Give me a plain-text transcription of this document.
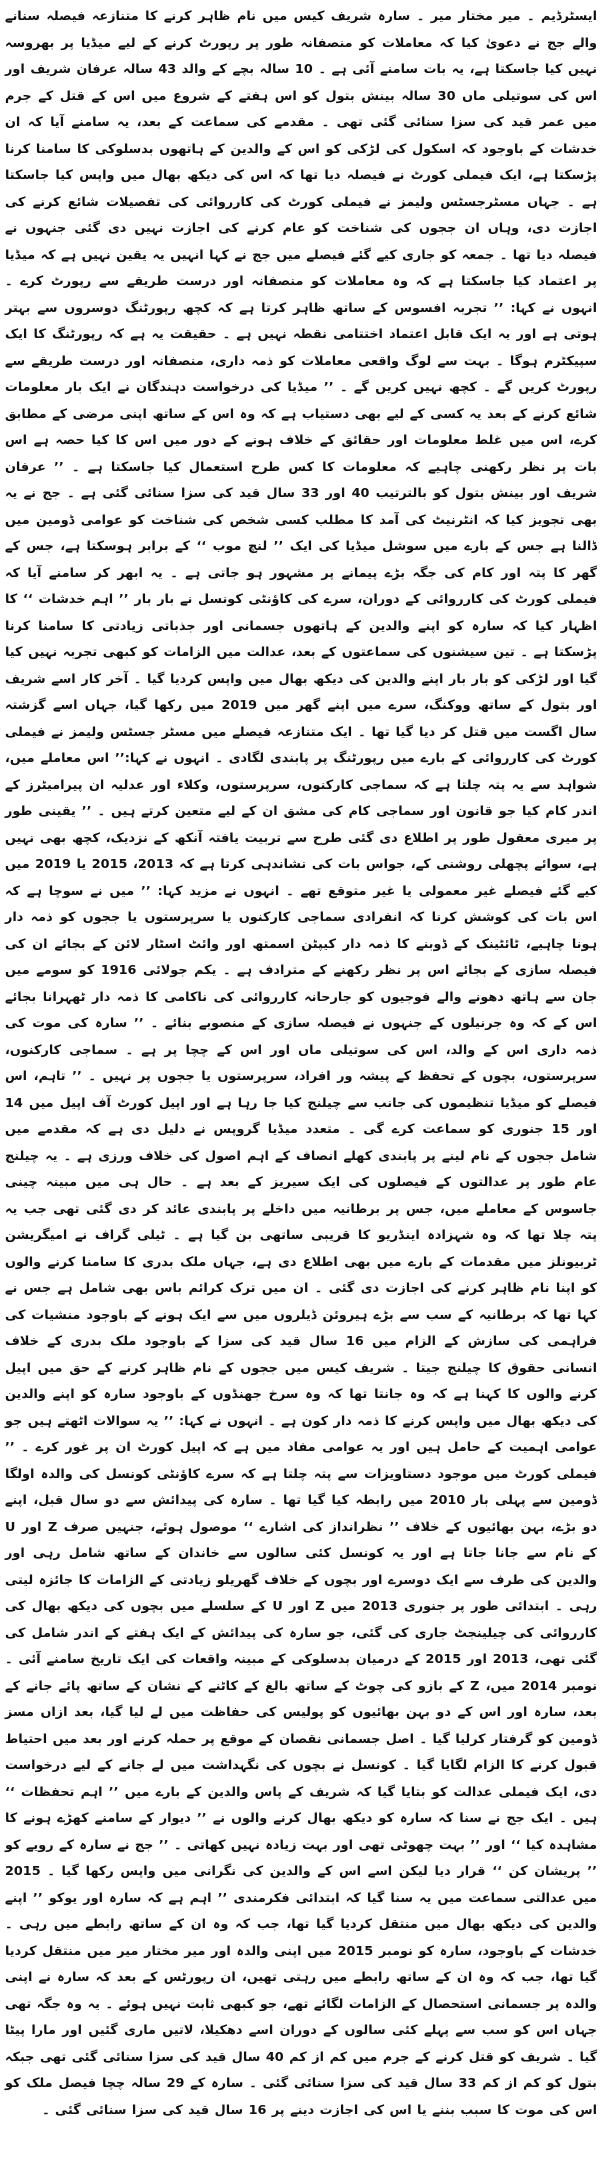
ایسٹرڈیم ۔ میر مختار میر ۔ سارہ شریف کیس میں نام ظاہر کرنے کا متنازعہ فیصلہ سنانے والے جج نے دعویٰ کیا کہ معاملات کو منصفانہ طور پر رپورٹ کرنے کے لیے میڈیا پر بھروسہ نہیں کیا جاسکتا ہے، یہ بات سامنے آئی ہے ۔ 10 سالہ بچے کے والد 43 سالہ عرفان شریف اور اس کی سوتیلی ماں 30 سالہ بینش بتول کو اس ہفتے کے شروع میں اس کے قتل کے جرم میں عمر قید کی سزا سنائی گئی تھی ۔ مقدمے کی سماعت کے بعد، یہ سامنے آیا کہ ان خدشات کے باوجود کہ اسکول کی لڑکی کو اس کے والدین کے ہاتھوں بدسلوکی کا سامنا کرنا پڑسکتا ہے، ایک فیملی کورٹ نے فیصلہ دیا تھا کہ اس کی دیکھ بھال میں واپس کیا جاسکتا ہے ۔ جہاں مسٹرجسٹس ولیمز نے فیملی کورٹ کی کارروائی کی تفصیلات شائع کرنے کی اجازت دی، وہاں ان ججوں کی شناخت کو عام کرنے کی اجازت نہیں دی گئی جنہوں نے فیصلہ دیا تھا ۔ جمعہ کو جاری کیے گئے فیصلے میں جج نے کہا انہیں یہ یقین نہیں ہے کہ میڈیا پر اعتماد کیا جاسکتا ہے کہ وہ معاملات کو منصفانہ اور درست طریقے سے رپورٹ کرے ۔ انہوں نے کہا: ’’ تجربہ افسوس کے ساتھ ظاہر کرتا ہے کہ کچھ رپورٹنگ دوسروں سے بہتر ہوتی ہے اور یہ ایک قابل اعتماد اختتامی نقطہ نہیں ہے ۔ حقیقت یہ ہے کہ رپورٹنگ کا ایک سپیکٹرم ہوگا ۔ بہت سے لوگ واقعی معاملات کو ذمہ داری، منصفانہ اور درست طریقے سے رپورٹ کریں گے ۔ کچھ نہیں کریں گے ۔ ’’ میڈیا کی درخواست دہندگان نے ایک بار معلومات شائع کرنے کے بعد یہ کسی کے لیے بھی دستیاب ہے کہ وہ اس کے ساتھ اپنی مرضی کے مطابق کرے، اس میں غلط معلومات اور حقائق کے خلاف ہونے کے دور میں اس کا کیا حصہ ہے اس بات پر نظر رکھنی چاہیے کہ معلومات کا کس طرح استعمال کیا جاسکتا ہے ۔ ’’ عرفان شریف اور بینش بتول کو بالترتیب 40 اور 33 سال قید کی سزا سنائی گئی ہے ۔ جج نے یہ بھی تجویز کیا کہ انٹرنیٹ کی آمد کا مطلب کسی شخص کی شناخت کو عوامی ڈومین میں ڈالنا ہے جس کے بارے میں سوشل میڈیا کی ایک ’’ لنچ موب ‘‘ کے برابر ہوسکتا ہے، جس کے گھر کا پتہ اور کام کی جگہ بڑے پیمانے پر مشہور ہو جاتی ہے ۔ یہ ابھر کر سامنے آیا کہ فیملی کورٹ کی کارروائی کے دوران، سرے کی کاؤنٹی کونسل نے بار بار ’’ اہم خدشات ‘‘ کا اظہار کیا کہ سارہ کو اپنے والدین کے ہاتھوں جسمانی اور جذباتی زیادتی کا سامنا کرنا پڑسکتا ہے ۔ تین سیشنوں کی سماعتوں کے بعد، عدالت میں الزامات کو کبھی تجربہ نہیں کیا گیا اور لڑکی کو بار بار اپنے والدین کی دیکھ بھال میں واپس کردیا گیا ۔ آخر کار اسے شریف اور بتول کے ساتھ ووکنگ، سرے میں اپنے گھر میں 2019 میں رکھا گیا، جہاں اسے گزشتہ سال اگست میں قتل کر دیا گیا تھا ۔ ایک متنازعہ فیصلے میں مسٹر جسٹس ولیمز نے فیملی کورٹ کی کارروائی کے بارے میں رپورٹنگ پر پابندی لگادی ۔ انہوں نے کہا:’’ اس معاملے میں، شواہد سے یہ پتہ چلتا ہے کہ سماجی کارکنوں، سرپرستوں، وکلاء اور عدلیہ ان پیرامیٹرز کے اندر کام کیا جو قانون اور سماجی کام کی مشق ان کے لیے متعین کرتے ہیں ۔ ’’ یقینی طور پر میری معقول طور پر اطلاع دی گئی طرح سے تربیت یافتہ آنکھ کے نزدیک، کچھ بھی نہیں ہے، سوائے پچھلی روشنی کے، جواس بات کی نشاندہی کرتا ہے کہ 2013، 2015 یا 2019 میں کیے گئے فیصلے غیر معمولی یا غیر متوقع تھے ۔ انہوں نے مزید کہا: ’’ میں نے سوچا ہے کہ اس بات کی کوشش کرنا کہ انفرادی سماجی کارکنوں یا سرپرستوں یا ججوں کو ذمہ دار ہونا چاہیے، ٹائٹینک کے ڈوبنے کا ذمہ دار کیپٹن اسمتھ اور وائٹ اسٹار لائن کے بجائے ان کی فیصلہ سازی کے بجائے اس پر نظر رکھنے کے مترادف ہے ۔ یکم جولائی 1916 کو سومے میں جان سے ہاتھ دھونے والے فوجیوں کو جارحانہ کارروائی کی ناکامی کا ذمہ دار ٹھہرانا بجائے اس کے کہ وہ جرنیلوں کے جنہوں نے فیصلہ سازی کے منصوبے بنائے ۔ ’’ سارہ کی موت کی ذمہ داری اس کے والد، اس کی سوتیلی ماں اور اس کے چچا پر ہے ۔ سماجی کارکنوں، سرپرستوں، بچوں کے تحفظ کے پیشہ ور افراد، سرپرستوں یا ججوں پر نہیں ۔ ’’ تاہم، اس فیصلے کو میڈیا تنظیموں کی جانب سے چیلنج کیا جا رہا ہے اور اپیل کورٹ آف اپیل میں 14 اور 15 جنوری کو سماعت کرے گی ۔ متعدد میڈیا گروپس نے دلیل دی ہے کہ مقدمے میں شامل ججوں کے نام لینے پر پابندی کھلے انصاف کے اہم اصول کی خلاف ورزی ہے ۔ یہ چیلنج عام طور پر عدالتوں کے فیصلوں کی ایک سیریز کے بعد ہے ۔ حال ہی میں مبینہ چینی جاسوس کے معاملے میں، جس پر برطانیہ میں داخلے پر پابندی عائد کر دی گئی تھی جب یہ پتہ چلا تھا کہ وہ شہزادہ اینڈریو کا قریبی ساتھی بن گیا ہے ۔ ٹیلی گراف نے امیگریشن ٹربیونلز میں مقدمات کے بارے میں بھی اطلاع دی ہے، جہاں ملک بدری کا سامنا کرنے والوں کو اپنا نام ظاہر کرنے کی اجازت دی گئی ۔ ان میں ترک کرائم باس بھی شامل ہے جس نے کہا تھا کہ برطانیہ کے سب سے بڑے ہیروئن ڈیلروں میں سے ایک ہونے کے باوجود منشیات کی فراہمی کی سازش کے الزام میں 16 سال قید کی سزا کے باوجود ملک بدری کے خلاف انسانی حقوق کا چیلنج جیتا ۔ شریف کیس میں ججوں کے نام ظاہر کرنے کے حق میں اپیل کرنے والوں کا کہنا ہے کہ وہ جانتا تھا کہ وہ سرخ جھنڈوں کے باوجود سارہ کو اپنے والدین کی دیکھ بھال میں واپس کرنے کا ذمہ دار کون ہے ۔ انہوں نے کہا: ’’ یہ سوالات اٹھتے ہیں جو عوامی اہمیت کے حامل ہیں اور یہ عوامی مفاد میں ہے کہ اپیل کورٹ ان پر غور کرے ۔ ’’ فیملی کورٹ میں موجود دستاویزات سے پتہ چلتا ہے کہ سرے کاؤنٹی کونسل کی والدہ اولگا ڈومین سے پہلی بار 2010 میں رابطہ کیا گیا تھا ۔ سارہ کی پیدائش سے دو سال قبل، اپنے دو بڑے، بہن بھائیوں کے خلاف ’’ نظرانداز کی اشارے ‘‘ موصول ہوئے، جنہیں صرف Z اور U کے نام سے جانا جاتا ہے اور یہ کونسل کئی سالوں سے خاندان کے ساتھ شامل رہی اور والدین کی طرف سے ایک دوسرے اور بچوں کے خلاف گھریلو زیادتی کے الزامات کا جائزہ لیتی رہی ۔ ابتدائی طور پر جنوری 2013 میں Z اور U کے سلسلے میں بچوں کی دیکھ بھال کی کارروائی کی چیلینجٹ جاری کی گئی، جو سارہ کی پیدائش کے ایک ہفتے کے اندر شامل کی گئی تھی، 2013 اور 2015 کے درمیان بدسلوکی کے مبینہ واقعات کی ایک تاریخ سامنے آئی ۔ نومبر 2014 میں، Z کے بازو کی چوٹ کے ساتھ بالغ کے کاٹنے کے نشان کے ساتھ پائے جانے کے بعد، سارہ اور اس کے دو بہن بھائیوں کو پولیس کی حفاظت میں لے لیا گیا، بعد ازاں مسز ڈومین کو گرفتار کرلیا گیا ۔ اصل جسمانی نقصان کے موقع پر حملہ کرنے اور بعد میں احتیاط قبول کرنے کا الزام لگایا گیا ۔ کونسل نے بچوں کی نگہداشت میں لے جانے کے لیے درخواست دی، ایک فیملی عدالت کو بتایا گیا کہ شریف کے پاس والدین کے بارے میں ’’ اہم تحفظات ‘‘ ہیں ۔ ایک جج نے سنا کہ سارہ کو دیکھ بھال کرنے والوں نے ’’ دیوار کے سامنے کھڑے ہونے کا مشاہدہ کیا ‘‘ اور ’’ بہت چھوٹی تھی اور بہت زیادہ نہیں کھاتی ۔ ’’ جج نے سارہ کے رویے کو ’’ پریشان کن ‘‘ قرار دیا لیکن اسے اس کے والدین کی نگرانی میں واپس رکھا گیا ۔ 2015 میں عدالتی سماعت میں یہ سنا گیا کہ ابتدائی فکرمندی ’’ اہم ہے کہ سارہ اور یوکو ’’ اپنے والدین کی دیکھ بھال میں منتقل کردیا گیا تھا، جب کہ وہ ان کے ساتھ رابطے میں رہی ۔ خدشات کے باوجود، سارہ کو نومبر 2015 میں اپنی والدہ اور میر مختار میر میں منتقل کردیا گیا تھا، جب کہ وہ ان کے ساتھ رابطے میں رہتی تھیں، ان رپورٹس کے بعد کہ سارہ نے اپنی والدہ پر جسمانی استحصال کے الزامات لگائے تھے، جو کبھی ثابت نہیں ہوئے ۔ یہ وہ جگہ تھی جہاں اس کو سب سے پہلے کئی سالوں کے دوران اسے دھکیلا، لاتیں ماری گئیں اور مارا پیٹا گیا ۔ شریف کو قتل کرنے کے جرم میں کم از کم 40 سال قید کی سزا سنائی گئی تھی جبکہ بتول کو کم از کم 33 سال قید کی سزا سنائی گئی ۔ سارہ کے 29 سالہ چچا فیصل ملک کو اس کی موت کا سبب بننے یا اس کی اجازت دینے پر 16 سال قید کی سزا سنائی گئی ۔
